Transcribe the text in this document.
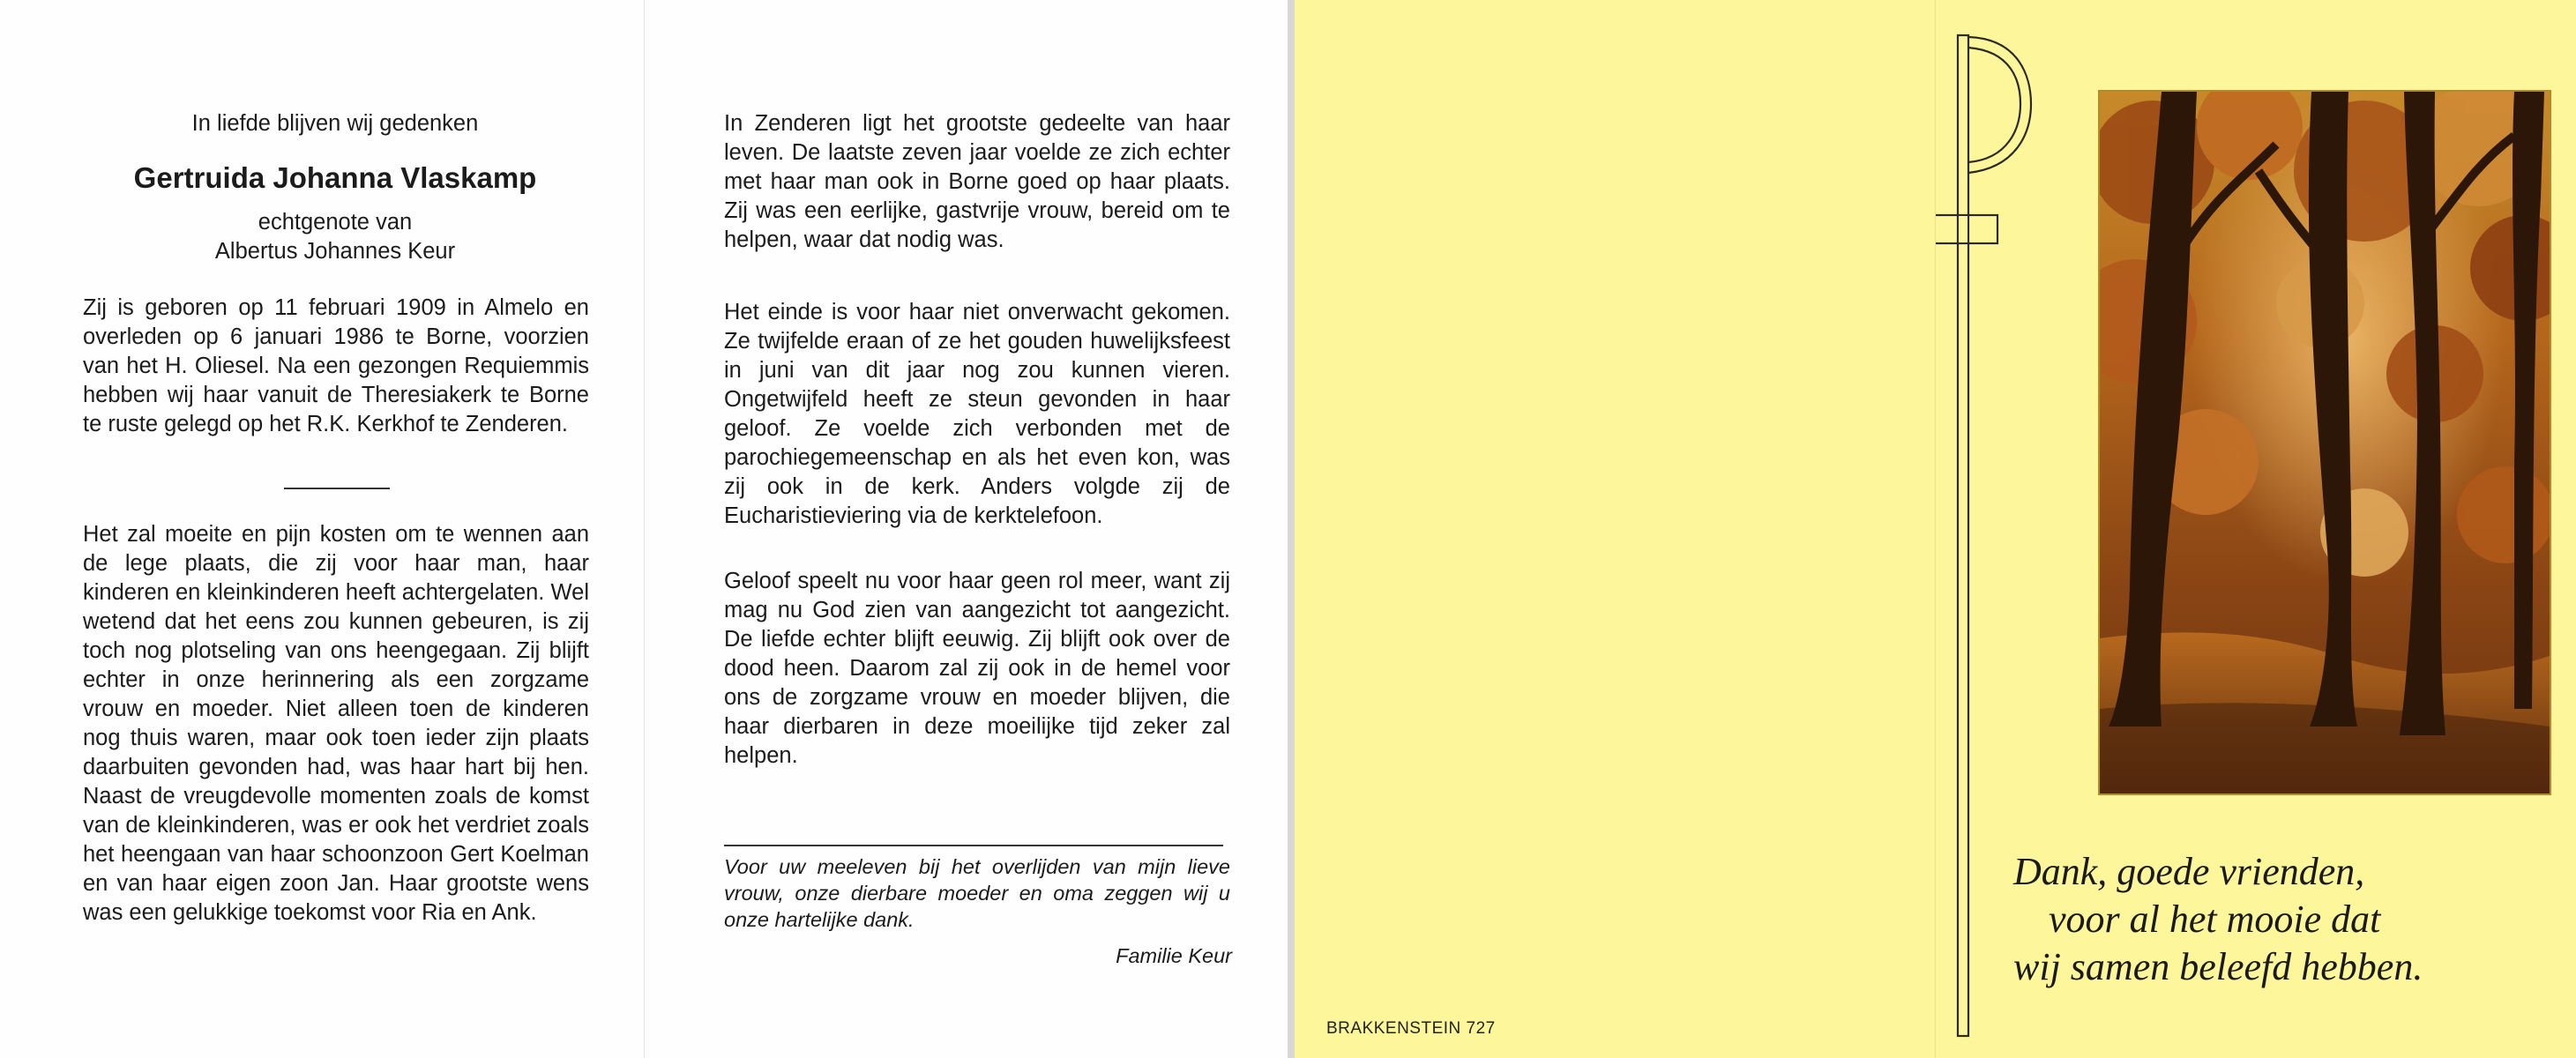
In liefde blijven wij gedenken

Gertruida Johanna Vlaskamp

echtgenote van

Albertus Johannes Keur

Zij is geboren op 11 februari 1909 in Almelo en overleden op 6 januari 1986 te Borne, voorzien van het H. Oliesel. Na een gezongen Requiemmis hebben wij haar vanuit de Theresiakerk te Borne te ruste gelegd op het R.K. Kerkhof te Zenderen.

Het zal moeite en pijn kosten om te wennen aan de lege plaats, die zij voor haar man, haar kinderen en kleinkinderen heeft achtergelaten. Wel wetend dat het eens zou kunnen gebeuren, is zij toch nog plotseling van ons heengegaan. Zij blijft echter in onze herinnering als een zorgzame vrouw en moeder. Niet alleen toen de kinderen nog thuis waren, maar ook toen ieder zijn plaats daarbuiten gevonden had, was haar hart bij hen. Naast de vreugdevolle momenten zoals de komst van de kleinkinderen, was er ook het verdriet zoals het heengaan van haar schoonzoon Gert Koelman en van haar eigen zoon Jan. Haar grootste wens was een gelukkige toekomst voor Ria en Ank.

In Zenderen ligt het grootste gedeelte van haar leven. De laatste zeven jaar voelde ze zich echter met haar man ook in Borne goed op haar plaats. Zij was een eerlijke, gastvrije vrouw, bereid om te helpen, waar dat nodig was.

Het einde is voor haar niet onverwacht gekomen. Ze twijfelde eraan of ze het gouden huwelijksfeest in juni van dit jaar nog zou kunnen vieren. Ongetwijfeld heeft ze steun gevonden in haar geloof. Ze voelde zich verbonden met de parochiegemeenschap en als het even kon, was zij ook in de kerk. Anders volgde zij de Eucharistieviering via de kerktelefoon.

Geloof speelt nu voor haar geen rol meer, want zij mag nu God zien van aangezicht tot aangezicht. De liefde echter blijft eeuwig. Zij blijft ook over de dood heen. Daarom zal zij ook in de hemel voor ons de zorgzame vrouw en moeder blijven, die haar dierbaren in deze moeilijke tijd zeker zal helpen.

Voor uw meeleven bij het overlijden van mijn lieve vrouw, onze dierbare moeder en oma zeggen wij u onze hartelijke dank.

Familie Keur

BRAKKENSTEIN 727
Dank, goede vrienden,
voor al het mooie dat
wij samen beleefd hebben.
